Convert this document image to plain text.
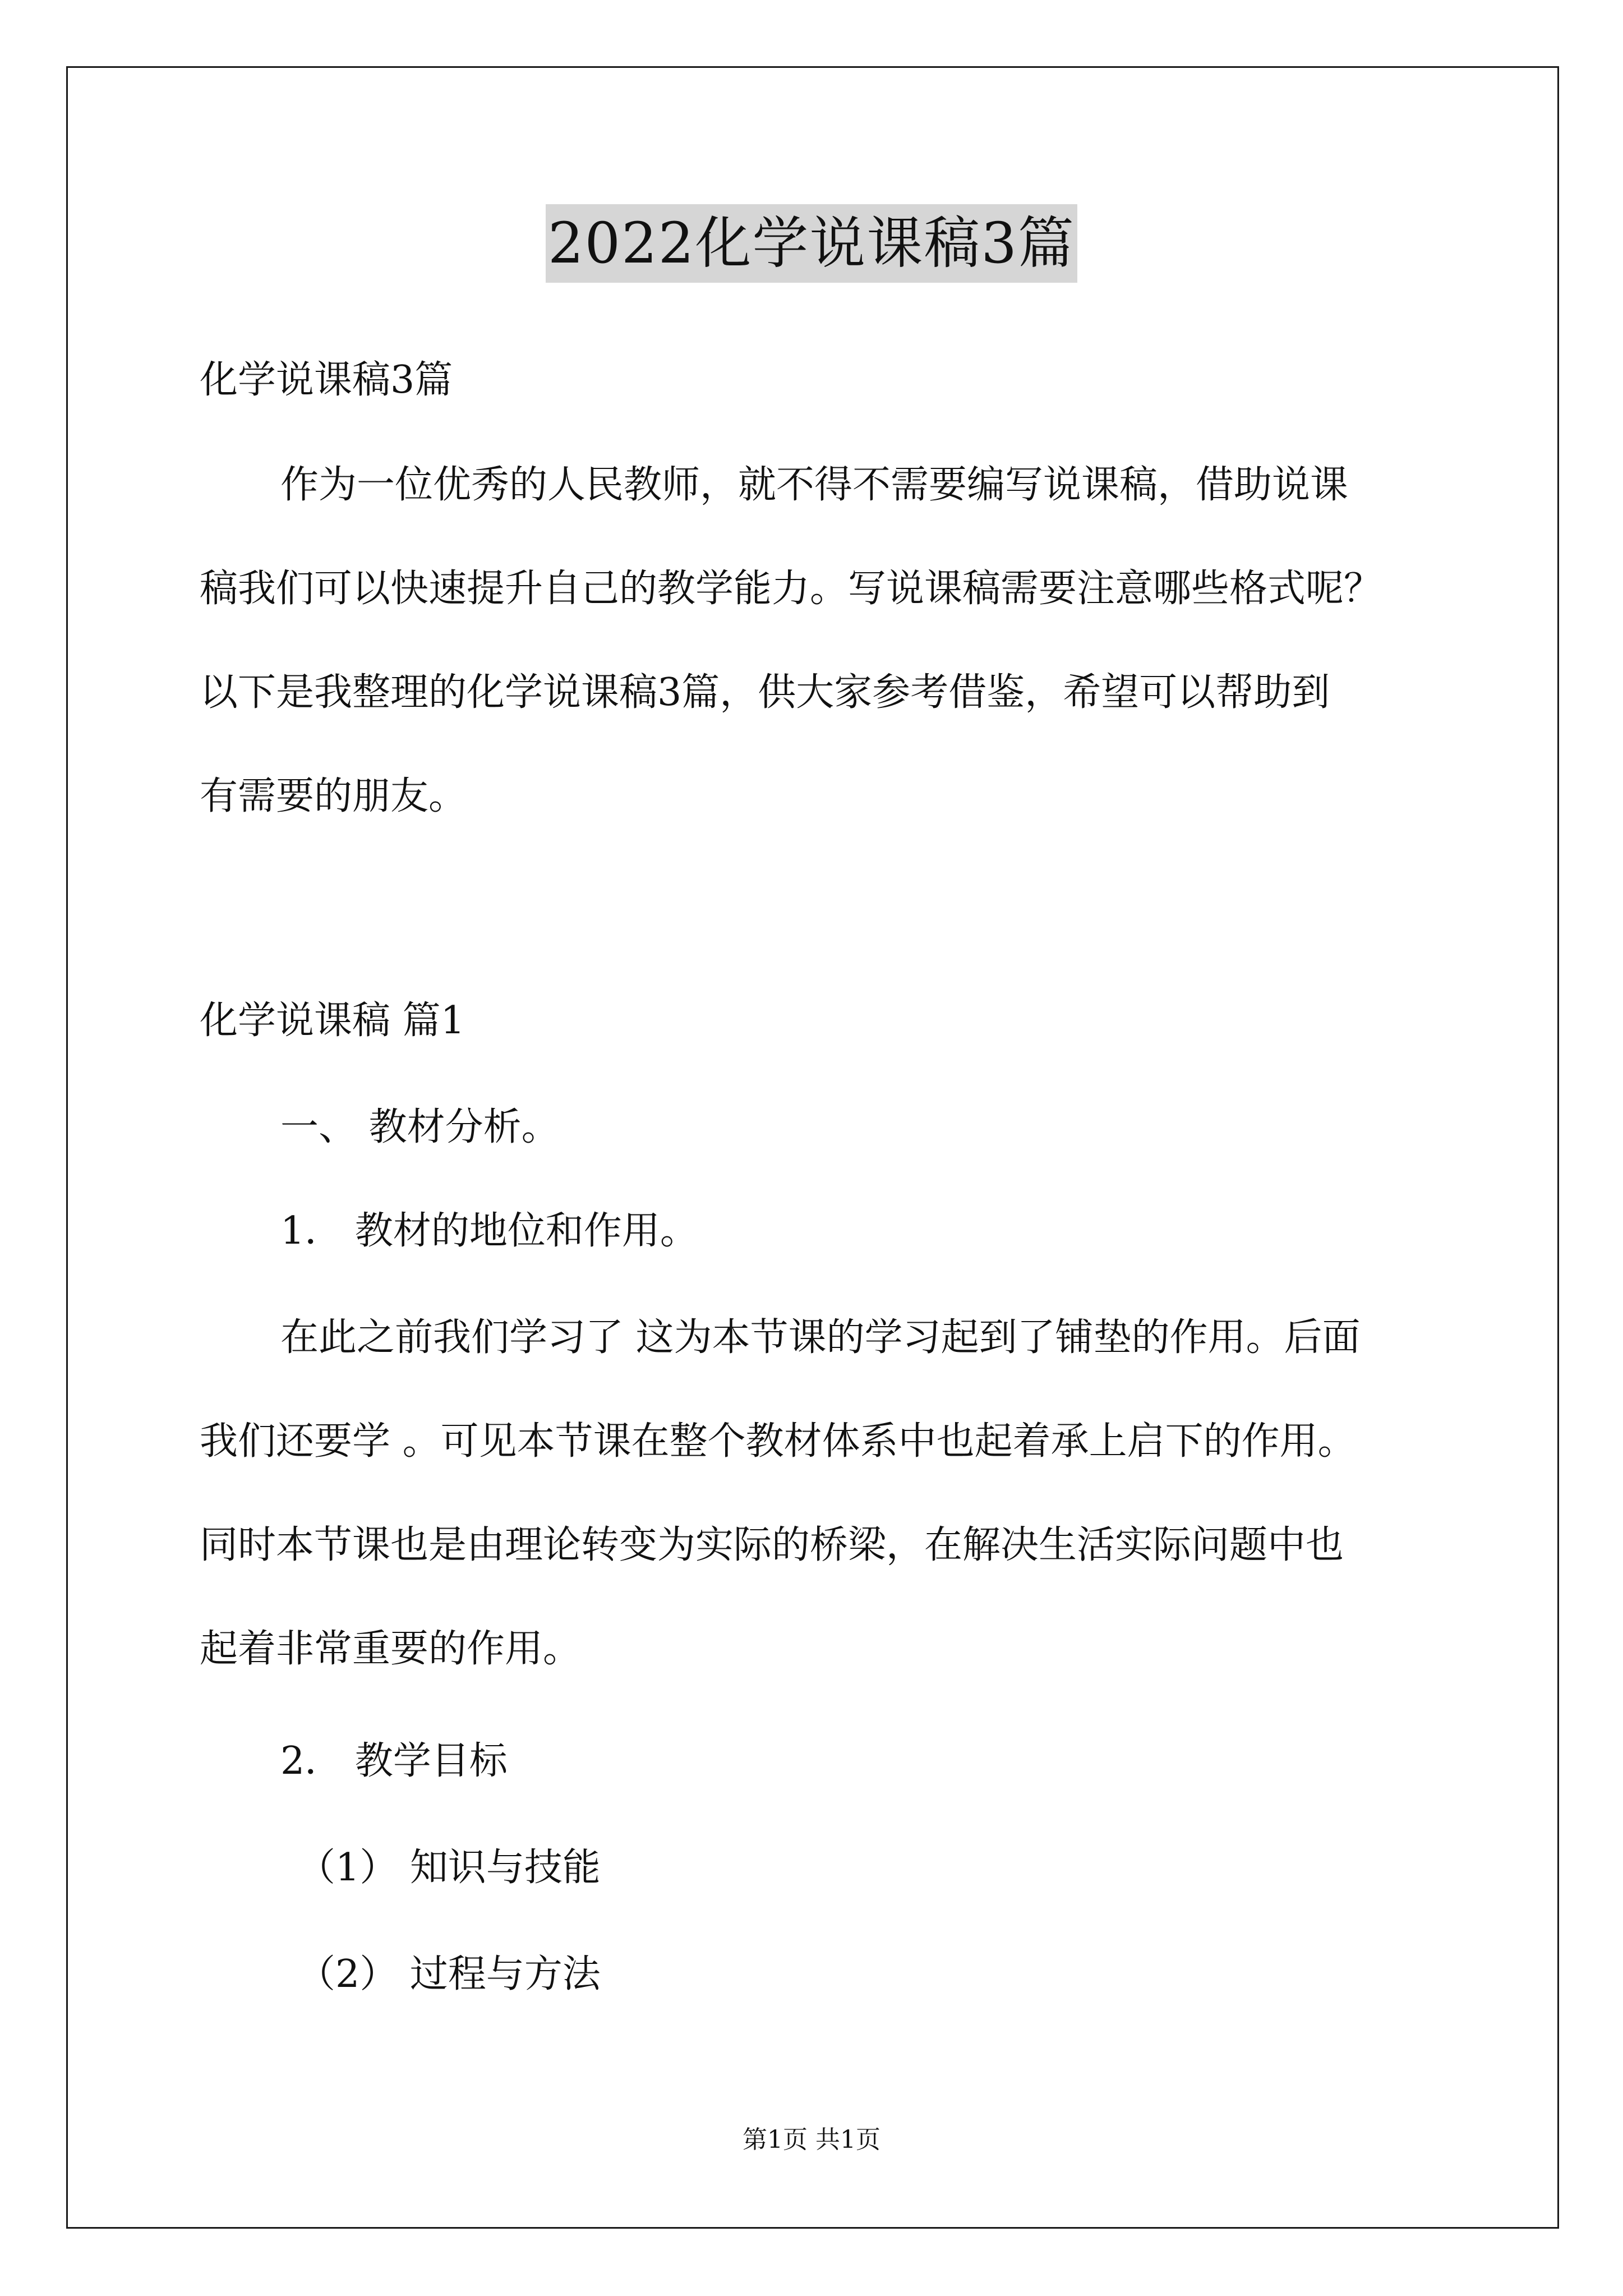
2022化学说课稿3篇
化学说课稿3篇
作为一位优秀的人民教师，就不得不需要编写说课稿，借助说课
稿我们可以快速提升自己的教学能力。写说课稿需要注意哪些格式呢？
以下是我整理的化学说课稿3篇，供大家参考借鉴，希望可以帮助到
有需要的朋友。
化学说课稿 篇1
一、 教材分析。
1． 教材的地位和作用。
在此之前我们学习了 这为本节课的学习起到了铺垫的作用。后面
我们还要学 。可见本节课在整个教材体系中也起着承上启下的作用。
同时本节课也是由理论转变为实际的桥梁，在解决生活实际问题中也
起着非常重要的作用。
2． 教学目标
（1） 知识与技能
（2） 过程与方法
第1页 共1页
